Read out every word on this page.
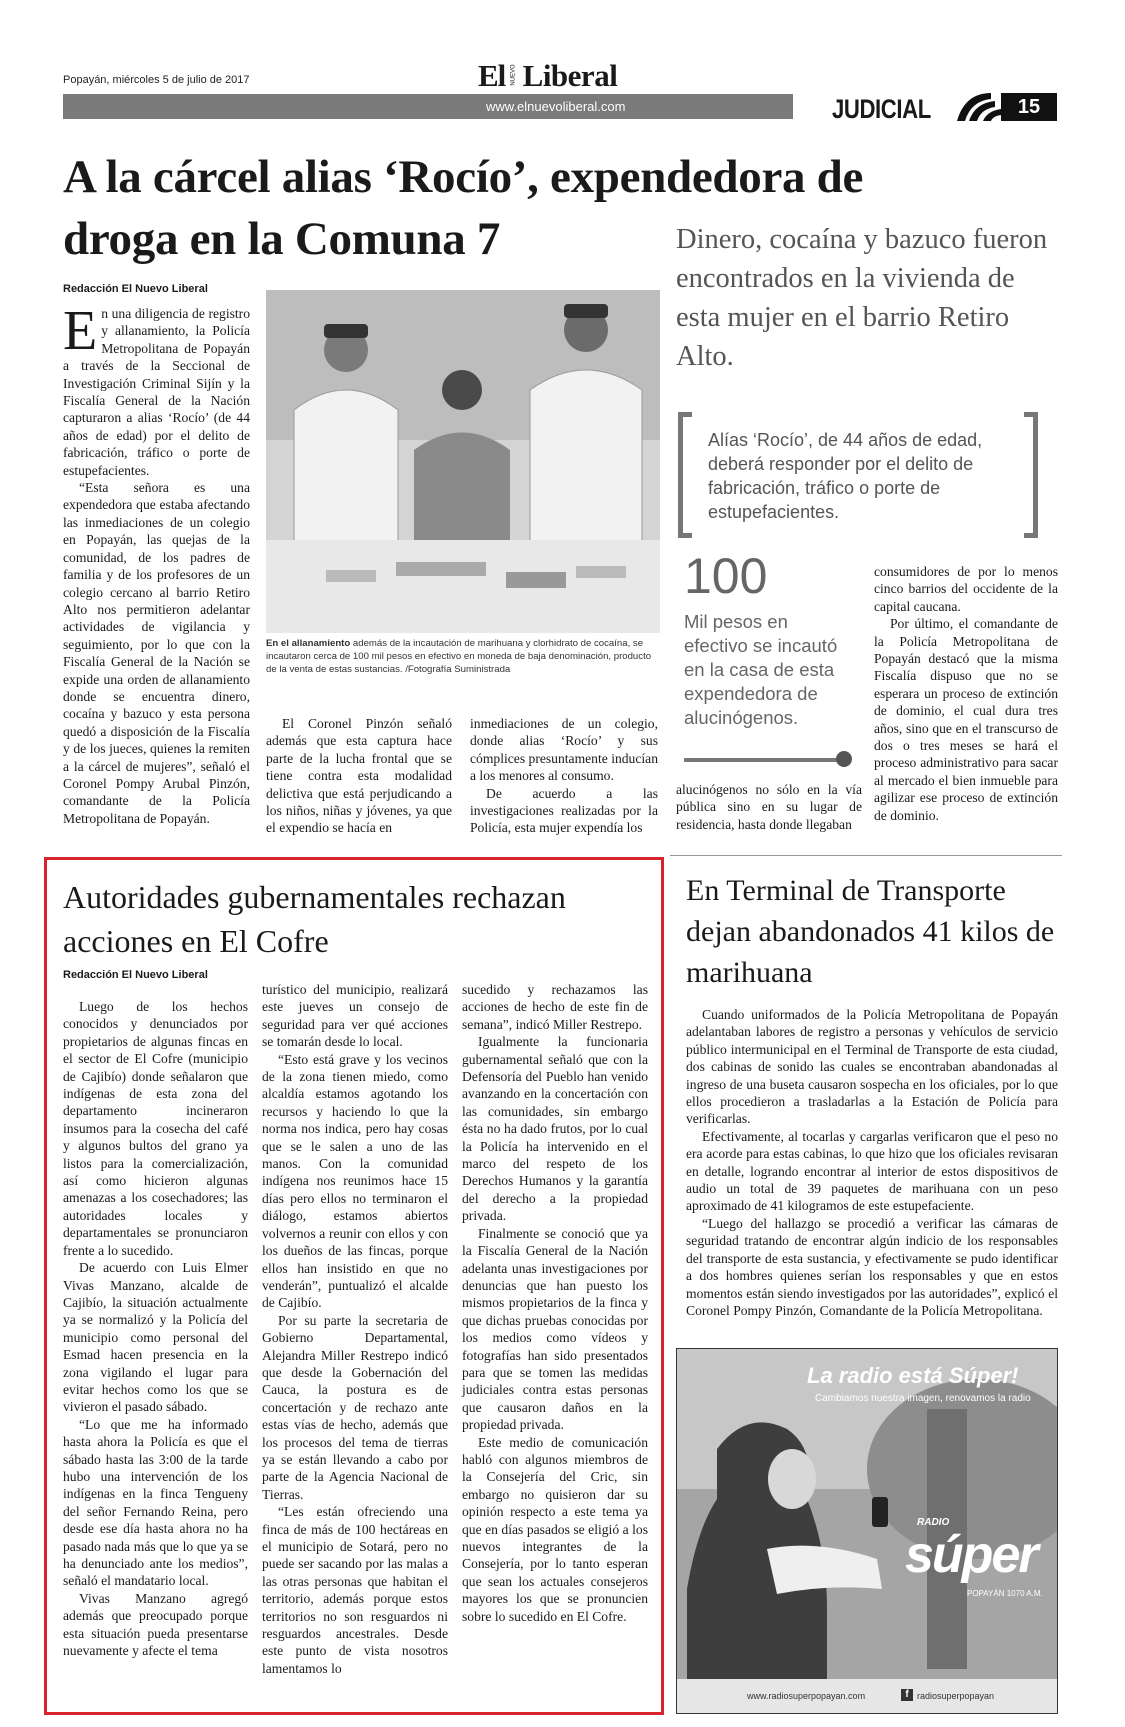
Popayán, miércoles 5 de julio de 2017	El NUEVO Liberal
www.elnuevoliberal.com	JUDICIAL	15
A la cárcel alias ‘Rocío’, expendedora de droga en la Comuna 7
Redacción El Nuevo Liberal
E n una diligencia de registro y allanamiento, la Policía Metropolitana de Popayán a través de la Seccional de Investigación Criminal Sijín y la Fiscalía General de la Nación capturaron a alias ‘Rocío’ (de 44 años de edad) por el delito de fabricación, tráfico o porte de estupefacientes.
“Esta señora es una expendedora que estaba afectando las inmediaciones de un colegio en Popayán, las quejas de la comunidad, de los padres de familia y de los profesores de un colegio cercano al barrio Retiro Alto nos permitieron adelantar actividades de vigilancia y seguimiento, por lo que con la Fiscalía General de la Nación se expide una orden de allanamiento donde se encuentra dinero, cocaína y bazuco y esta persona quedó a disposición de la Fiscalía y de los jueces, quienes la remiten a la cárcel de mujeres”, señaló el Coronel Pompy Arubal Pinzón, comandante de la Policía Metropolitana de Popayán.
En el allanamiento además de la incautación de marihuana y clorhidrato de cocaína, se incautaron cerca de 100 mil pesos en efectivo en moneda de baja denominación, producto de la venta de estas sustancias. /Fotografía Suministrada
Dinero, cocaína y bazuco fueron encontrados en la vivienda de esta mujer en el barrio Retiro Alto.
Alías ‘Rocío’, de 44 años de edad, deberá responder por el delito de fabricación, tráfico o porte de estupefacientes.
100
Mil pesos en efectivo se incautó en la casa de esta expendedora de alucinógenos.
El Coronel Pinzón señaló además que esta captura hace parte de la lucha frontal que se tiene contra esta modalidad delictiva que está perjudicando a los niños, niñas y jóvenes, ya que el expendio se hacía en
inmediaciones de un colegio, donde alias ‘Rocío’ y sus cómplices presuntamente inducían a los menores al consumo.
De acuerdo a las investigaciones realizadas por la Policía, esta mujer expendía los
alucinógenos no sólo en la vía pública sino en su lugar de residencia, hasta donde llegaban
consumidores de por lo menos cinco barrios del occidente de la capital caucana.
Por último, el comandante de la Policía Metropolitana de Popayán destacó que la misma Fiscalía dispuso que no se esperara un proceso de extinción de dominio, el cual dura tres años, sino que en el transcurso de dos o tres meses se hará el proceso administrativo para sacar al mercado el bien inmueble para agilizar ese proceso de extinción de dominio.
Autoridades gubernamentales rechazan acciones en El Cofre
Redacción El Nuevo Liberal
Luego de los hechos conocidos y denunciados por propietarios de algunas fincas en el sector de El Cofre (municipio de Cajibío) donde señalaron que indígenas de esta zona del departamento incineraron insumos para la cosecha del café y algunos bultos del grano ya listos para la comercialización, así como hicieron algunas amenazas a los cosechadores; las autoridades locales y departamentales se pronunciaron frente a lo sucedido.
De acuerdo con Luis Elmer Vivas Manzano, alcalde de Cajibío, la situación actualmente ya se normalizó y la Policía del municipio como personal del Esmad hacen presencia en la zona vigilando el lugar para evitar hechos como los que se vivieron el pasado sábado.
“Lo que me ha informado hasta ahora la Policía es que el sábado hasta las 3:00 de la tarde hubo una intervención de los indígenas en la finca Tengueny del señor Fernando Reina, pero desde ese día hasta ahora no ha pasado nada más que lo que ya se ha denunciado ante los medios”, señaló el mandatario local.
Vivas Manzano agregó además que preocupado porque esta situación pueda presentarse nuevamente y afecte el tema
turístico del municipio, realizará este jueves un consejo de seguridad para ver qué acciones se tomarán desde lo local.
“Esto está grave y los vecinos de la zona tienen miedo, como alcaldía estamos agotando los recursos y haciendo lo que la norma nos indica, pero hay cosas que se le salen a uno de las manos. Con la comunidad indígena nos reunimos hace 15 días pero ellos no terminaron el diálogo, estamos abiertos volvernos a reunir con ellos y con los dueños de las fincas, porque ellos han insistido en que no venderán”, puntualizó el alcalde de Cajibío.
Por su parte la secretaria de Gobierno Departamental, Alejandra Miller Restrepo indicó que desde la Gobernación del Cauca, la postura es de concertación y de rechazo ante estas vías de hecho, además que los procesos del tema de tierras ya se están llevando a cabo por parte de la Agencia Nacional de Tierras.
“Les están ofreciendo una finca de más de 100 hectáreas en el municipio de Sotará, pero no puede ser sacando por las malas a las otras personas que habitan el territorio, además porque estos territorios no son resguardos ni resguardos ancestrales. Desde este punto de vista nosotros lamentamos lo
sucedido y rechazamos las acciones de hecho de este fin de semana”, indicó Miller Restrepo.
Igualmente la funcionaria gubernamental señaló que con la Defensoría del Pueblo han venido avanzando en la concertación con las comunidades, sin embargo ésta no ha dado frutos, por lo cual la Policía ha intervenido en el marco del respeto de los Derechos Humanos y la garantía del derecho a la propiedad privada.
Finalmente se conoció que ya la Fiscalía General de la Nación adelanta unas investigaciones por denuncias que han puesto los mismos propietarios de la finca y que dichas pruebas conocidas por los medios como vídeos y fotografías han sido presentados para que se tomen las medidas judiciales contra estas personas que causaron daños en la propiedad privada.
Este medio de comunicación habló con algunos miembros de la Consejería del Cric, sin embargo no quisieron dar su opinión respecto a este tema ya que en días pasados se eligió a los nuevos integrantes de la Consejería, por lo tanto esperan que sean los actuales consejeros mayores los que se pronuncien sobre lo sucedido en El Cofre.
En Terminal de Transporte dejan abandonados 41 kilos de marihuana
Cuando uniformados de la Policía Metropolitana de Popayán adelantaban labores de registro a personas y vehículos de servicio público intermunicipal en el Terminal de Transporte de esta ciudad, dos cabinas de sonido las cuales se encontraban abandonadas al ingreso de una buseta causaron sospecha en los oficiales, por lo que ellos procedieron a trasladarlas a la Estación de Policía para verificarlas.
Efectivamente, al tocarlas y cargarlas verificaron que el peso no era acorde para estas cabinas, lo que hizo que los oficiales revisaran en detalle, logrando encontrar al interior de estos dispositivos de audio un total de 39 paquetes de marihuana con un peso aproximado de 41 kilogramos de este estupefaciente.
“Luego del hallazgo se procedió a verificar las cámaras de seguridad tratando de encontrar algún indicio de los responsables del transporte de esta sustancia, y efectivamente se pudo identificar a dos hombres quienes serían los responsables y que en estos momentos están siendo investigados por las autoridades”, explicó el Coronel Pompy Pinzón, Comandante de la Policía Metropolitana.
La radio está Súper!
Cambiamos nuestra imagen, renovamos la radio
RADIO
súper
POPAYÁN 1070 A.M.
www.radiosuperpopayan.com	f radiosuperpopayan
